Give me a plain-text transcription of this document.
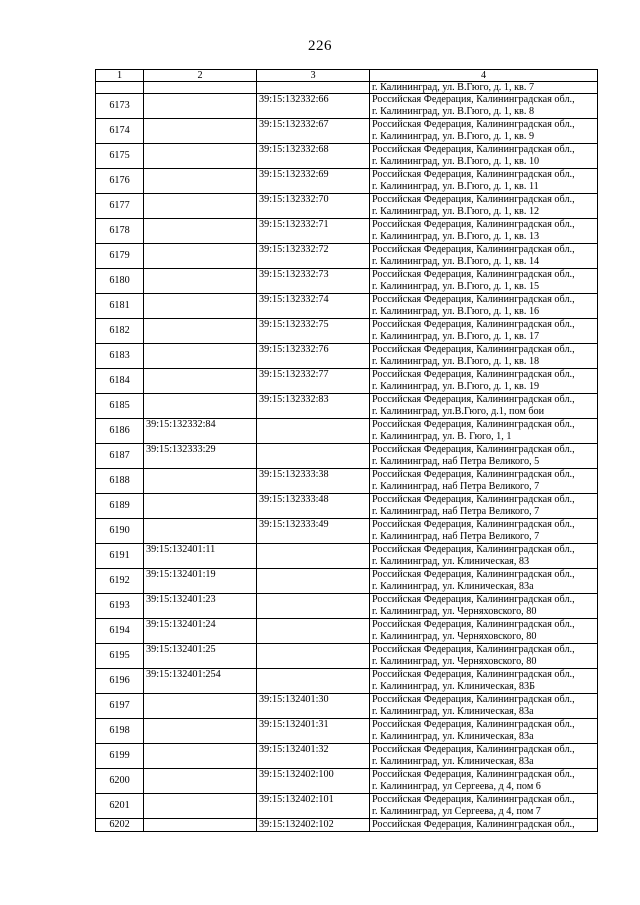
226
1	2	3	4
			г. Калининград, ул. В.Гюго, д. 1, кв. 7
6173		39:15:132332:66	Российская Федерация, Калининградская обл.,
г. Калининград, ул. В.Гюго, д. 1, кв. 8

6174		39:15:132332:67	Российская Федерация, Калининградская обл.,
г. Калининград, ул. В.Гюго, д. 1, кв. 9

6175		39:15:132332:68	Российская Федерация, Калининградская обл.,
г. Калининград, ул. В.Гюго, д. 1, кв. 10

6176		39:15:132332:69	Российская Федерация, Калининградская обл.,
г. Калининград, ул. В.Гюго, д. 1, кв. 11

6177		39:15:132332:70	Российская Федерация, Калининградская обл.,
г. Калининград, ул. В.Гюго, д. 1, кв. 12

6178		39:15:132332:71	Российская Федерация, Калининградская обл.,
г. Калининград, ул. В.Гюго, д. 1, кв. 13

6179		39:15:132332:72	Российская Федерация, Калининградская обл.,
г. Калининград, ул. В.Гюго, д. 1, кв. 14

6180		39:15:132332:73	Российская Федерация, Калининградская обл.,
г. Калининград, ул. В.Гюго, д. 1, кв. 15

6181		39:15:132332:74	Российская Федерация, Калининградская обл.,
г. Калининград, ул. В.Гюго, д. 1, кв. 16

6182		39:15:132332:75	Российская Федерация, Калининградская обл.,
г. Калининград, ул. В.Гюго, д. 1, кв. 17

6183		39:15:132332:76	Российская Федерация, Калининградская обл.,
г. Калининград, ул. В.Гюго, д. 1, кв. 18

6184		39:15:132332:77	Российская Федерация, Калининградская обл.,
г. Калининград, ул. В.Гюго, д. 1, кв. 19

6185		39:15:132332:83	Российская Федерация, Калининградская обл.,
г. Калининград, ул.В.Гюго, д.1, пом бои

6186	39:15:132332:84		Российская Федерация, Калининградская обл.,
г. Калининград, ул. В. Гюго, 1, 1

6187	39:15:132333:29		Российская Федерация, Калининградская обл.,
г. Калининград, наб Петра Великого, 5

6188		39:15:132333:38	Российская Федерация, Калининградская обл.,
г. Калининград, наб Петра Великого, 7

6189		39:15:132333:48	Российская Федерация, Калининградская обл.,
г. Калининград, наб Петра Великого, 7

6190		39:15:132333:49	Российская Федерация, Калининградская обл.,
г. Калининград, наб Петра Великого, 7

6191	39:15:132401:11		Российская Федерация, Калининградская обл.,
г. Калининград, ул. Клиническая, 83

6192	39:15:132401:19		Российская Федерация, Калининградская обл.,
г. Калининград, ул. Клиническая, 83а

6193	39:15:132401:23		Российская Федерация, Калининградская обл.,
г. Калининград, ул. Черняховского, 80

6194	39:15:132401:24		Российская Федерация, Калининградская обл.,
г. Калининград, ул. Черняховского, 80

6195	39:15:132401:25		Российская Федерация, Калининградская обл.,
г. Калининград, ул. Черняховского, 80

6196	39:15:132401:254		Российская Федерация, Калининградская обл.,
г. Калининград, ул. Клиническая, 83Б

6197		39:15:132401:30	Российская Федерация, Калининградская обл.,
г. Калининград, ул. Клиническая, 83а

6198		39:15:132401:31	Российская Федерация, Калининградская обл.,
г. Калининград, ул. Клиническая, 83а

6199		39:15:132401:32	Российская Федерация, Калининградская обл.,
г. Калининград, ул. Клиническая, 83а

6200		39:15:132402:100	Российская Федерация, Калининградская обл.,
г. Калининград, ул Сергеева, д 4, пом 6

6201		39:15:132402:101	Российская Федерация, Калининградская обл.,
г. Калининград, ул Сергеева, д 4, пом 7

6202		39:15:132402:102	Российская Федерация, Калининградская обл.,
